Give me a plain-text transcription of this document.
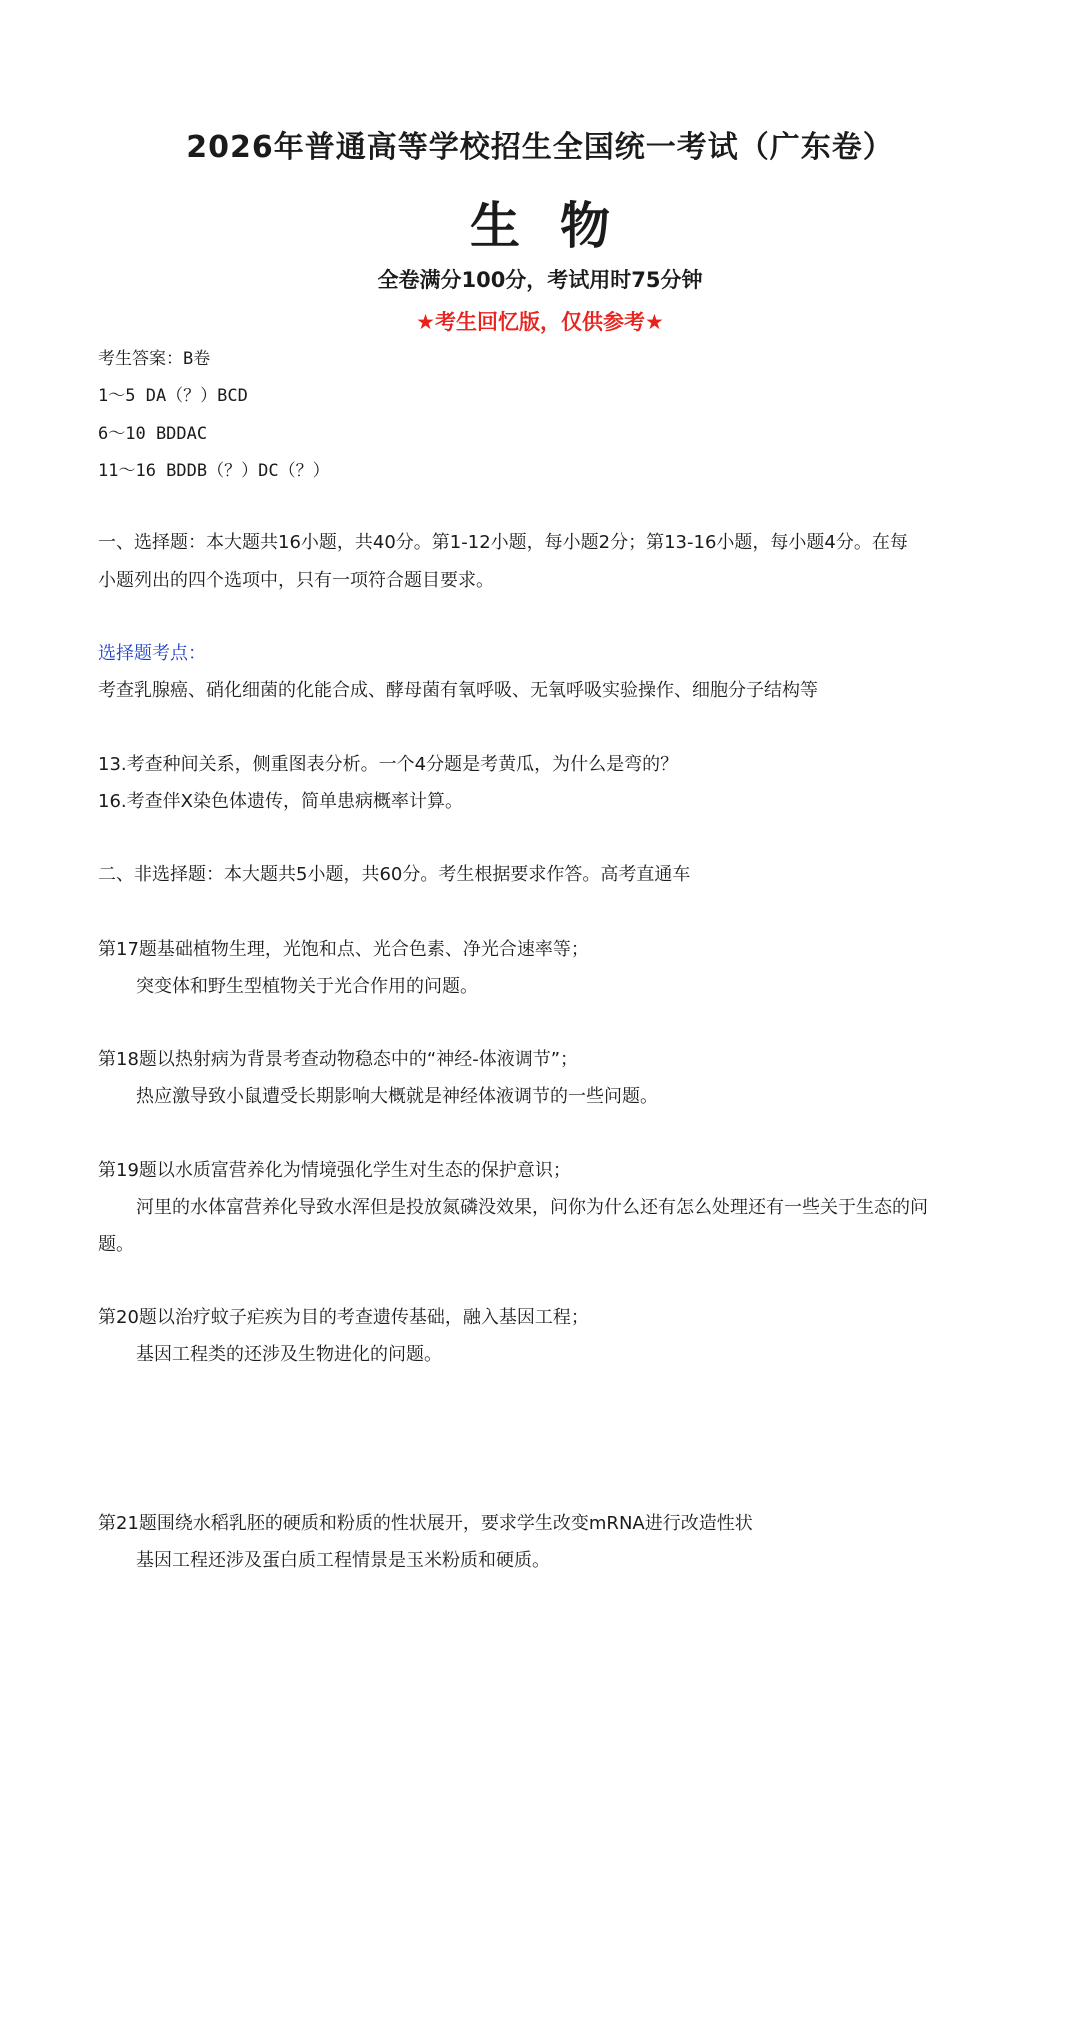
2026年普通高等学校招生全国统一考试（广东卷）
生物
全卷满分100分，考试用时75分钟
★考生回忆版，仅供参考★
考生答案：B卷
1～5 DA（？）BCD
6～10 BDDAC
11～16 BDDB（？）DC（？）
一、选择题：本大题共16小题，共40分。第1-12小题，每小题2分；第13-16小题，每小题4分。在每
小题列出的四个选项中，只有一项符合题目要求。
选择题考点：
考查乳腺癌、硝化细菌的化能合成、酵母菌有氧呼吸、无氧呼吸实验操作、细胞分子结构等
13.考查种间关系，侧重图表分析。一个4分题是考黄瓜，为什么是弯的？
16.考查伴X染色体遗传，简单患病概率计算。
二、非选择题：本大题共5小题，共60分。考生根据要求作答。高考直通车
第17题基础植物生理，光饱和点、光合色素、净光合速率等；
突变体和野生型植物关于光合作用的问题。
第18题以热射病为背景考查动物稳态中的“神经-体液调节”；
热应激导致小鼠遭受长期影响大概就是神经体液调节的一些问题。
第19题以水质富营养化为情境强化学生对生态的保护意识；
河里的水体富营养化导致水浑但是投放氮磷没效果，问你为什么还有怎么处理还有一些关于生态的问
题。
第20题以治疗蚊子疟疾为目的考查遗传基础，融入基因工程；
基因工程类的还涉及生物进化的问题。
第21题围绕水稻乳胚的硬质和粉质的性状展开，要求学生改变mRNA进行改造性状
基因工程还涉及蛋白质工程情景是玉米粉质和硬质。
